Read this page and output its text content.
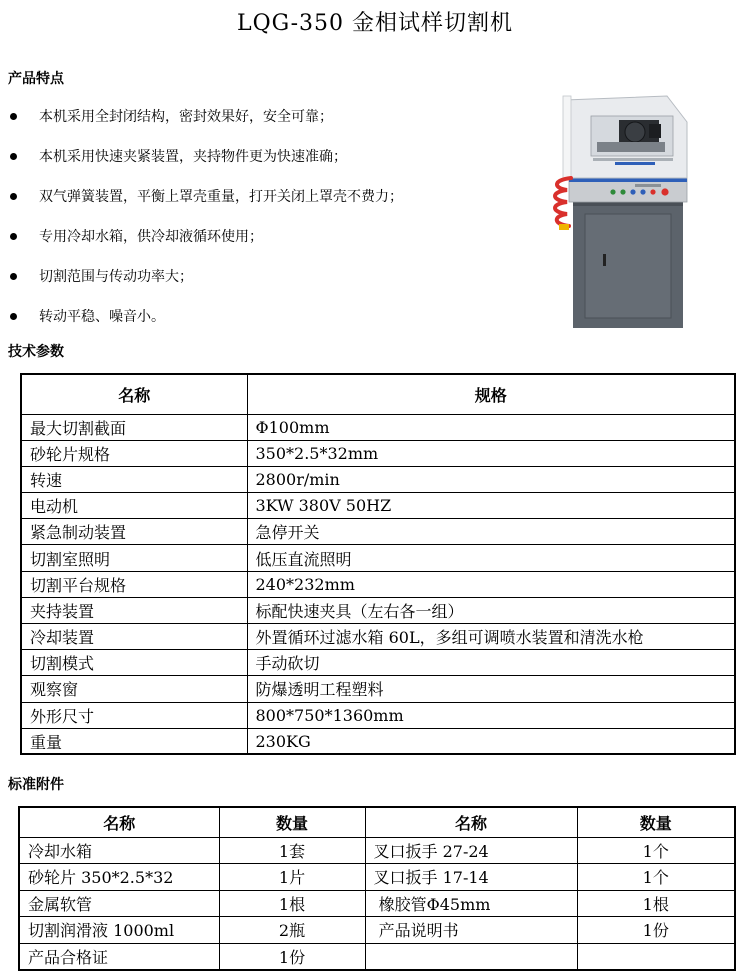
LQG-350 金相试样切割机
产品特点
本机采用全封闭结构，密封效果好，安全可靠；
本机采用快速夹紧装置，夹持物件更为快速准确；
双气弹簧装置，平衡上罩壳重量，打开关闭上罩壳不费力；
专用冷却水箱，供冷却液循环使用；
切割范围与传动功率大；
转动平稳、噪音小。
技术参数
名称	规格
最大切割截面	Φ100mm
砂轮片规格	350*2.5*32mm
转速	2800r/min
电动机	3KW 380V 50HZ
紧急制动装置	急停开关
切割室照明	低压直流照明
切割平台规格	240*232mm
夹持装置	标配快速夹具（左右各一组）
冷却装置	外置循环过滤水箱 60L，多组可调喷水装置和清洗水枪
切割模式	手动砍切
观察窗	防爆透明工程塑料
外形尺寸	800*750*1360mm
重量	230KG
标准附件
名称	数量	名称	数量
冷却水箱	1套	叉口扳手 27-24	1个
砂轮片 350*2.5*32	1片	叉口扳手 17-14	1个
金属软管	1根	橡胶管Φ45mm	1根
切割润滑液 1000ml	2瓶	产品说明书	1份
产品合格证	1份		
